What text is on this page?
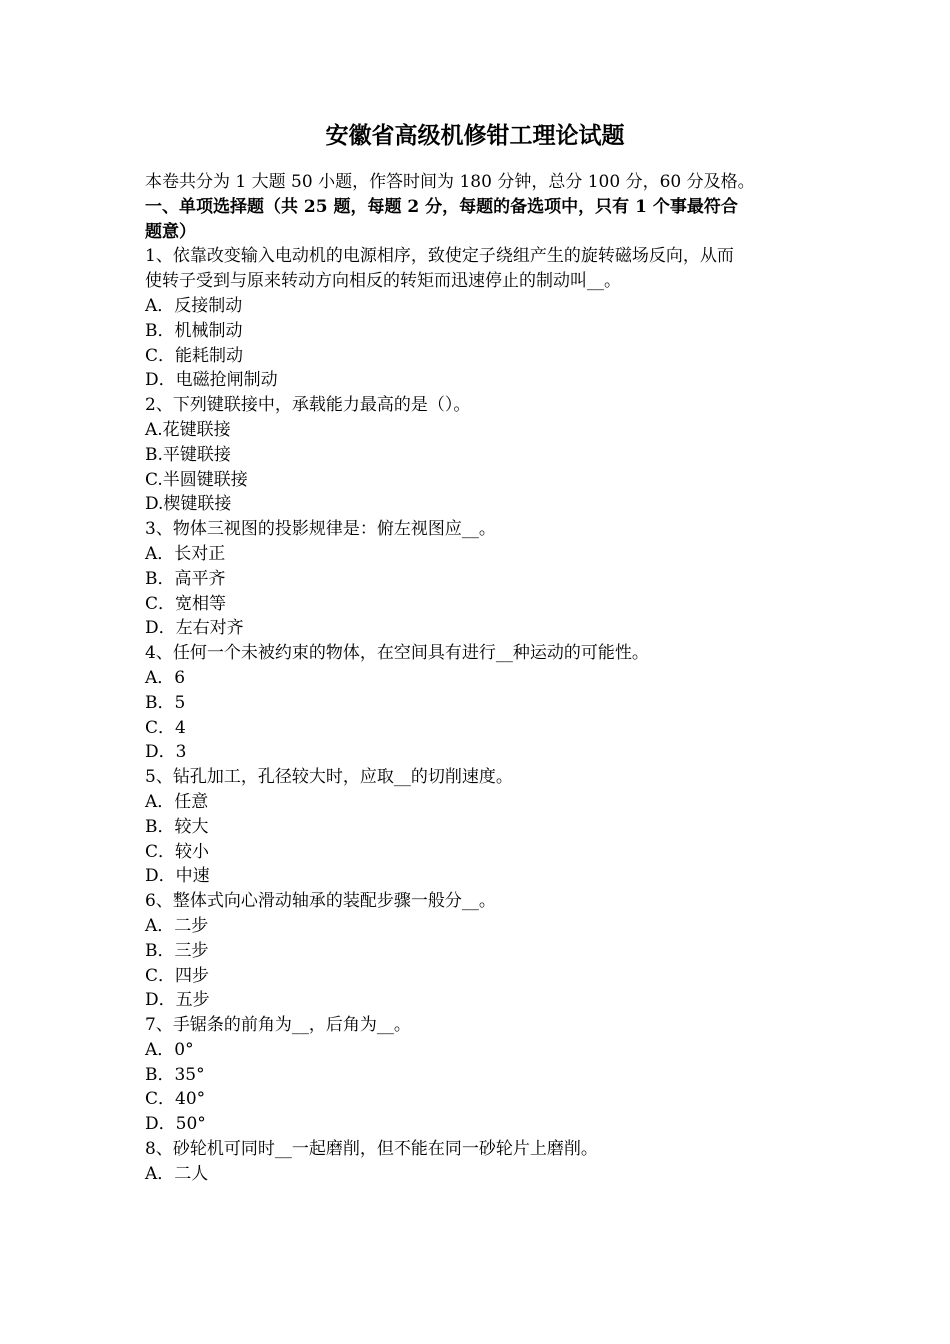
安徽省高级机修钳工理论试题
本卷共分为 1 大题 50 小题，作答时间为 180 分钟，总分 100 分，60 分及格。
一、单项选择题（共 25 题，每题 2 分，每题的备选项中，只有 1 个事最符合
题意）
1、依靠改变输入电动机的电源相序，致使定子绕组产生的旋转磁场反向，从而
使转子受到与原来转动方向相反的转矩而迅速停止的制动叫__。
A．反接制动
B．机械制动
C．能耗制动
D．电磁抢闸制动
2、下列键联接中，承载能力最高的是（）。
A.花键联接
B.平键联接
C.半圆键联接
D.楔键联接
3、物体三视图的投影规律是：俯左视图应__。
A．长对正
B．高平齐
C．宽相等
D．左右对齐
4、任何一个未被约束的物体，在空间具有进行__种运动的可能性。
A．6
B．5
C．4
D．3
5、钻孔加工，孔径较大时，应取__的切削速度。
A．任意
B．较大
C．较小
D．中速
6、整体式向心滑动轴承的装配步骤一般分__。
A．二步
B．三步
C．四步
D．五步
7、手锯条的前角为__，后角为__。
A．0°
B．35°
C．40°
D．50°
8、砂轮机可同时__一起磨削，但不能在同一砂轮片上磨削。
A．二人
